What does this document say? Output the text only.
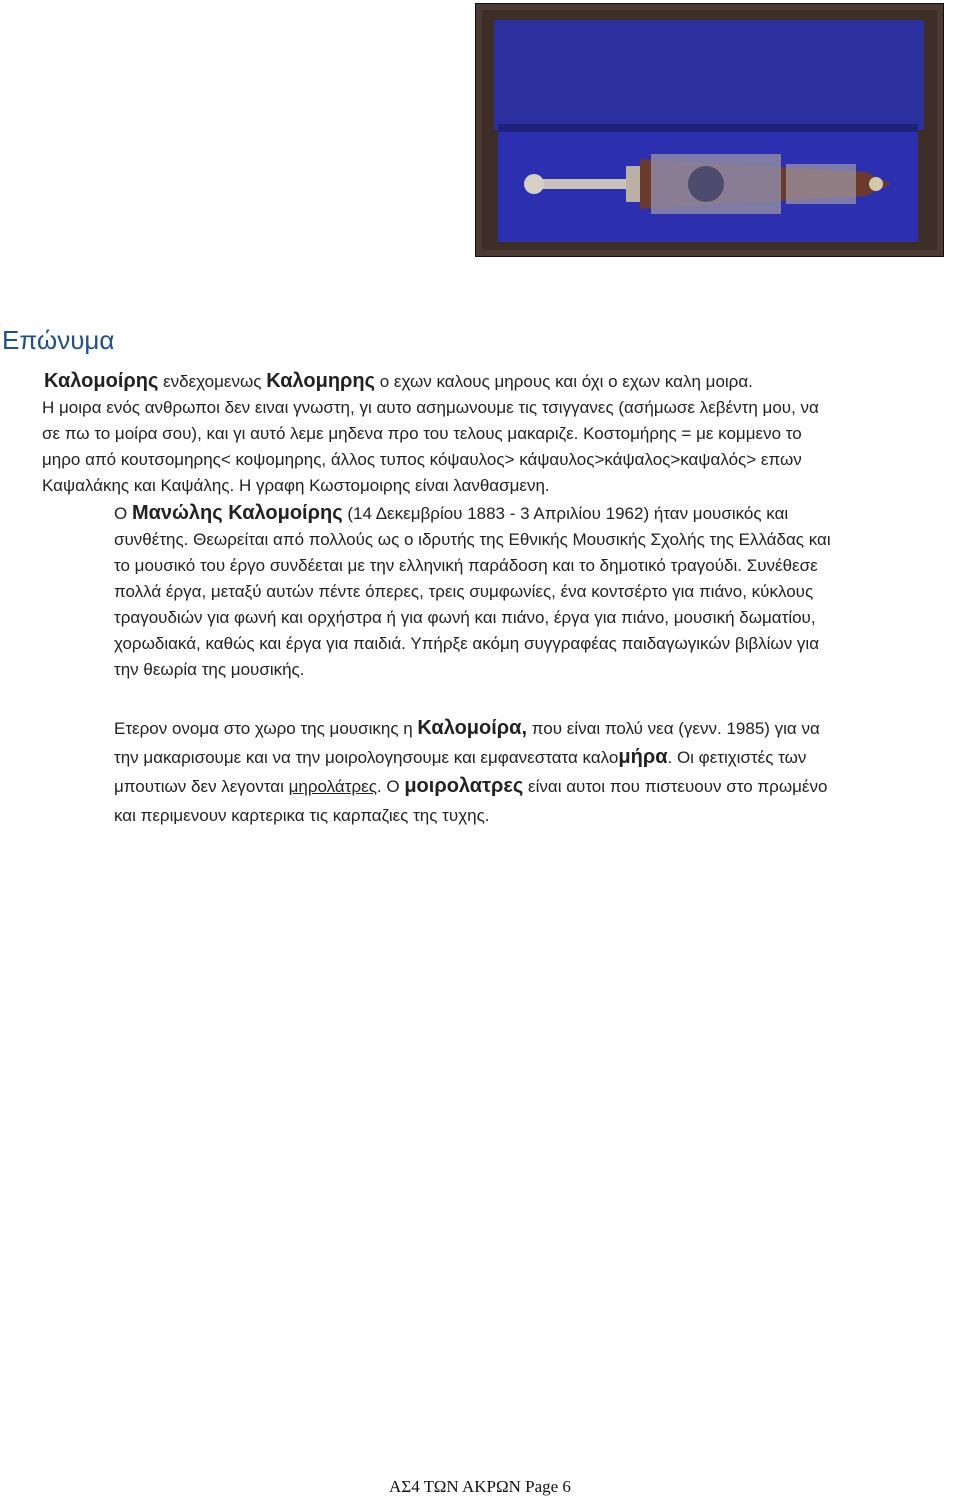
Επώνυμα
Καλομοίρης ενδεχομενως Καλομηρης ο εχων καλους μηρους και όχι ο εχων καλη μοιρα.
Η μοιρα ενός ανθρωποι δεν ειναι γνωστη, γι αυτο ασημωνουμε τις τσιγγανες (ασήμωσε λεβέντη μου, να
σε πω το μοίρα σου), και γι αυτό λεμε μηδενα προ του τελους μακαριζε. Κοστομήρης = με κομμενο το
μηρο από κουτσομηρης< κοψομηρης, άλλος τυπος κόψαυλος> κάψαυλος>κάψαλος>καψαλός> επων
Καψαλάκης και Καψάλης. Η γραφη Κωστομοιρης είναι λανθασμενη.
Ο Μανώλης Καλομοίρης (14 Δεκεμβρίου 1883 - 3 Απριλίου 1962) ήταν μουσικός και
συνθέτης. Θεωρείται από πολλούς ως ο ιδρυτής της Εθνικής Μουσικής Σχολής της Ελλάδας και
το μουσικό του έργο συνδέεται με την ελληνική παράδοση και το δημοτικό τραγούδι. Συνέθεσε
πολλά έργα, μεταξύ αυτών πέντε όπερες, τρεις συμφωνίες, ένα κοντσέρτο για πιάνο, κύκλους
τραγουδιών για φωνή και ορχήστρα ή για φωνή και πιάνο, έργα για πιάνο, μουσική δωματίου,
χορωδιακά, καθώς και έργα για παιδιά. Υπήρξε ακόμη συγγραφέας παιδαγωγικών βιβλίων για
την θεωρία της μουσικής.
Ετερον ονομα στο χωρο της μουσικης η Καλομοίρα, που είναι πολύ νεα (γενν. 1985) για να
την μακαρισουμε και να την μοιρολογησουμε και εμφανεστατα καλομήρα. Οι φετιχιστές των
μπουτιων δεν λεγονται μηρολάτρες. Ο μοιρολατρες είναι αυτοι που πιστευουν στο πρωμένο
και περιμενουν καρτερικα τις καρπαζιες της τυχης.
ΑΣ4 ΤΩΝ ΑΚΡΩΝ Page 6
